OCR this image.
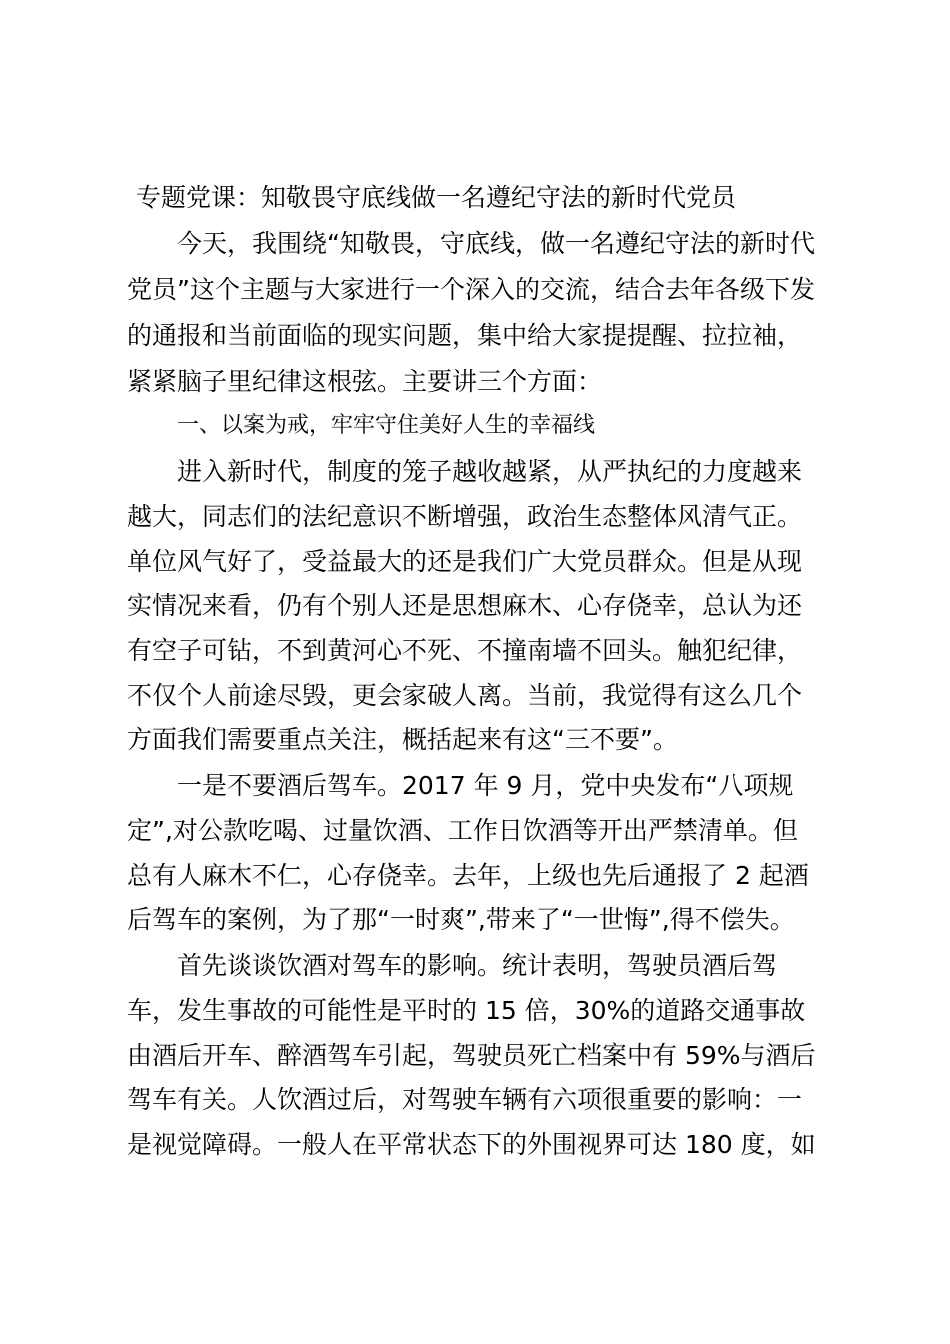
专题党课：知敬畏守底线做一名遵纪守法的新时代党员

今天，我围绕“知敬畏，守底线，做一名遵纪守法的新时代

党员”这个主题与大家进行一个深入的交流，结合去年各级下发

的通报和当前面临的现实问题，集中给大家提提醒、拉拉袖，

紧紧脑子里纪律这根弦。主要讲三个方面：

一、以案为戒，牢牢守住美好人生的幸福线

进入新时代，制度的笼子越收越紧，从严执纪的力度越来

越大，同志们的法纪意识不断增强，政治生态整体风清气正。

单位风气好了，受益最大的还是我们广大党员群众。但是从现

实情况来看，仍有个别人还是思想麻木、心存侥幸，总认为还

有空子可钻，不到黄河心不死、不撞南墙不回头。触犯纪律，

不仅个人前途尽毁，更会家破人离。当前，我觉得有这么几个

方面我们需要重点关注，概括起来有这“三不要”。

一是不要酒后驾车。2017 年 9 月，党中央发布“八项规

定”,对公款吃喝、过量饮酒、工作日饮酒等开出严禁清单。但

总有人麻木不仁，心存侥幸。去年，上级也先后通报了 2 起酒

后驾车的案例，为了那“一时爽”,带来了“一世悔”,得不偿失。

首先谈谈饮酒对驾车的影响。统计表明，驾驶员酒后驾

车，发生事故的可能性是平时的 15 倍，30%的道路交通事故

由酒后开车、醉酒驾车引起，驾驶员死亡档案中有 59%与酒后

驾车有关。人饮酒过后，对驾驶车辆有六项很重要的影响：一

是视觉障碍。一般人在平常状态下的外围视界可达 180 度，如
